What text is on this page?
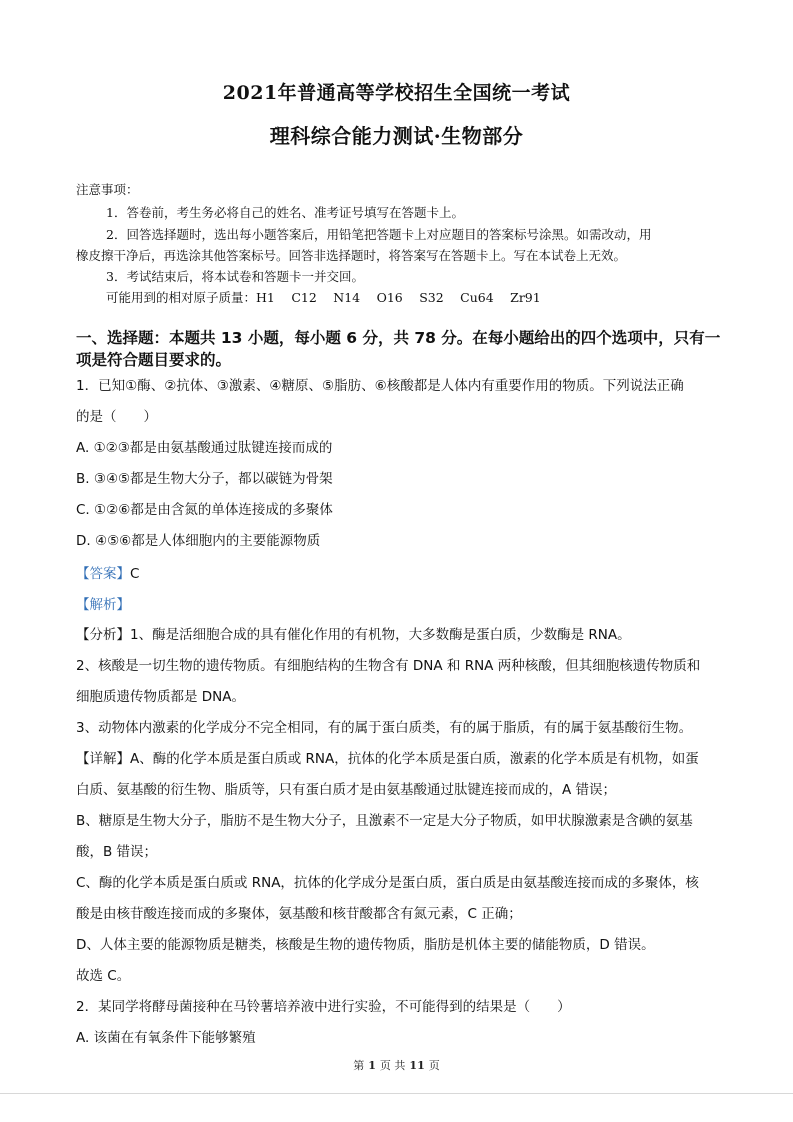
2021年普通高等学校招生全国统一考试
理科综合能力测试·生物部分
注意事项：
1．答卷前，考生务必将自己的姓名、准考证号填写在答题卡上。
2．回答选择题时，选出每小题答案后，用铅笔把答题卡上对应题目的答案标号涂黑。如需改动，用
橡皮擦干净后，再选涂其他答案标号。回答非选择题时，将答案写在答题卡上。写在本试卷上无效。
3．考试结束后，将本试卷和答题卡一并交回。
可能用到的相对原子质量：H1　 C12　 N14　 O16　 S32　 Cu64　 Zr91
一、选择题：本题共 13 小题，每小题 6 分，共 78 分。在每小题给出的四个选项中，只有一
项是符合题目要求的。
1．已知①酶、②抗体、③激素、④糖原、⑤脂肪、⑥核酸都是人体内有重要作用的物质。下列说法正确
的是（　　）
A. ①②③都是由氨基酸通过肽键连接而成的
B. ③④⑤都是生物大分子，都以碳链为骨架
C. ①②⑥都是由含氮的单体连接成的多聚体
D. ④⑤⑥都是人体细胞内的主要能源物质
【答案】C
【解析】
【分析】1、酶是活细胞合成的具有催化作用的有机物，大多数酶是蛋白质，少数酶是 RNA。
2、核酸是一切生物的遗传物质。有细胞结构的生物含有 DNA 和 RNA 两种核酸，但其细胞核遗传物质和
细胞质遗传物质都是 DNA。
3、动物体内激素的化学成分不完全相同，有的属于蛋白质类，有的属于脂质，有的属于氨基酸衍生物。
【详解】A、酶的化学本质是蛋白质或 RNA，抗体的化学本质是蛋白质，激素的化学本质是有机物，如蛋
白质、氨基酸的衍生物、脂质等，只有蛋白质才是由氨基酸通过肽键连接而成的，A 错误；
B、糖原是生物大分子，脂肪不是生物大分子，且激素不一定是大分子物质，如甲状腺激素是含碘的氨基
酸，B 错误；
C、酶的化学本质是蛋白质或 RNA，抗体的化学成分是蛋白质，蛋白质是由氨基酸连接而成的多聚体，核
酸是由核苷酸连接而成的多聚体，氨基酸和核苷酸都含有氮元素，C 正确；
D、人体主要的能源物质是糖类，核酸是生物的遗传物质，脂肪是机体主要的储能物质，D 错误。
故选 C。
2．某同学将酵母菌接种在马铃薯培养液中进行实验，不可能得到的结果是（　　）
A. 该菌在有氧条件下能够繁殖
第 1 页 共 11 页
